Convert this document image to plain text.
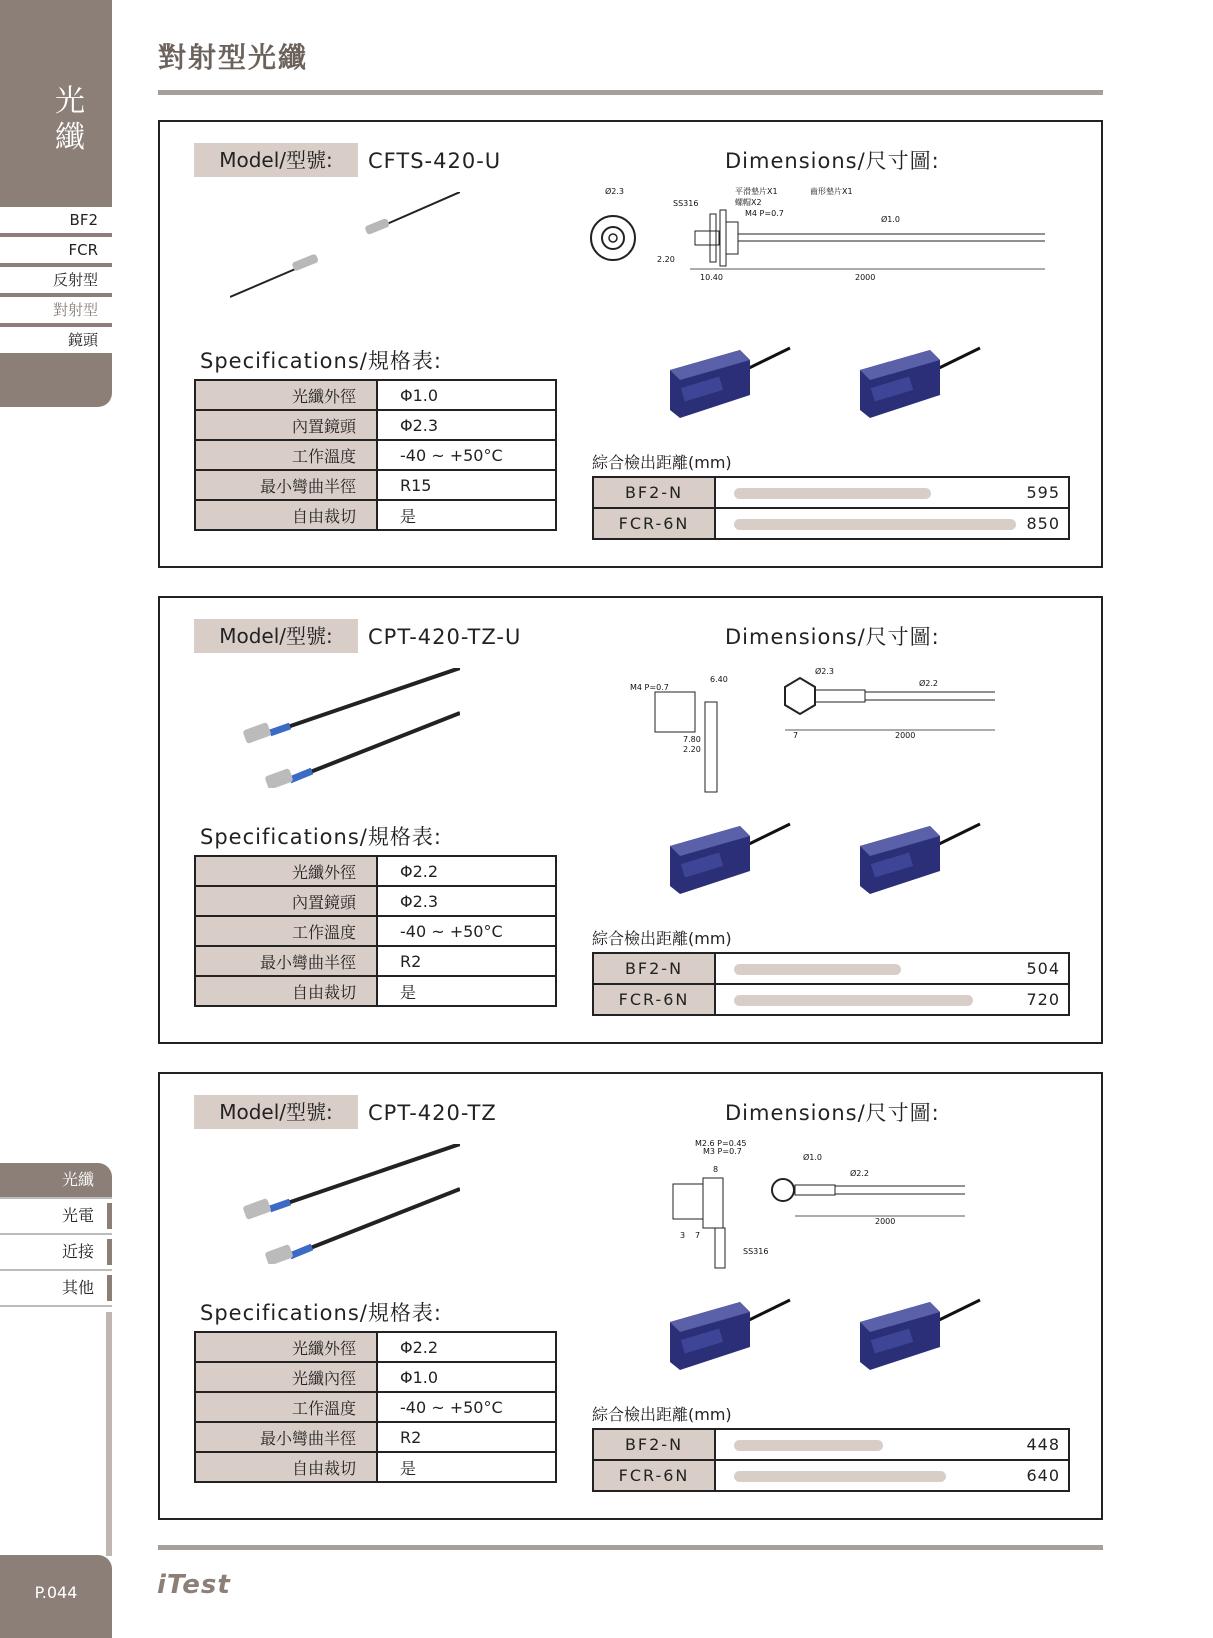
光
纖
BF2
FCR
反射型
對射型
鏡頭
光纖
光電
近接
其他
P.044
對射型光纖
iTest
Model/型號:	CFTS-420-U	Dimensions/尺寸圖:
Ø2.3
SS316
2.20
10.40	2000
Ø1.0
平滑墊片X1	齒形墊片X1
螺帽X2
M4 P=0.7
Specifications/規格表:
光纖外徑	Φ1.0
內置鏡頭	Φ2.3
工作溫度	-40 ~ +50°C
最小彎曲半徑	R15
自由裁切	是
綜合檢出距離(mm)
BF2-N	595

FCR-6N	850
Model/型號:	CPT-420-TZ-U	Dimensions/尺寸圖:
M4 P=0.7
6.40
Ø2.3
Ø2.2
7.80
2.20
7	2000
Specifications/規格表:
光纖外徑	Φ2.2
內置鏡頭	Φ2.3
工作溫度	-40 ~ +50°C
最小彎曲半徑	R2
自由裁切	是
綜合檢出距離(mm)
BF2-N	504

FCR-6N	720
Model/型號:	CPT-420-TZ	Dimensions/尺寸圖:
M2.6 P=0.45
M3 P=0.7
Ø1.0
Ø2.2
8
3 7
SS316
2000
Specifications/規格表:
光纖外徑	Φ2.2
光纖內徑	Φ1.0
工作溫度	-40 ~ +50°C
最小彎曲半徑	R2
自由裁切	是
綜合檢出距離(mm)
BF2-N	448

FCR-6N	640
